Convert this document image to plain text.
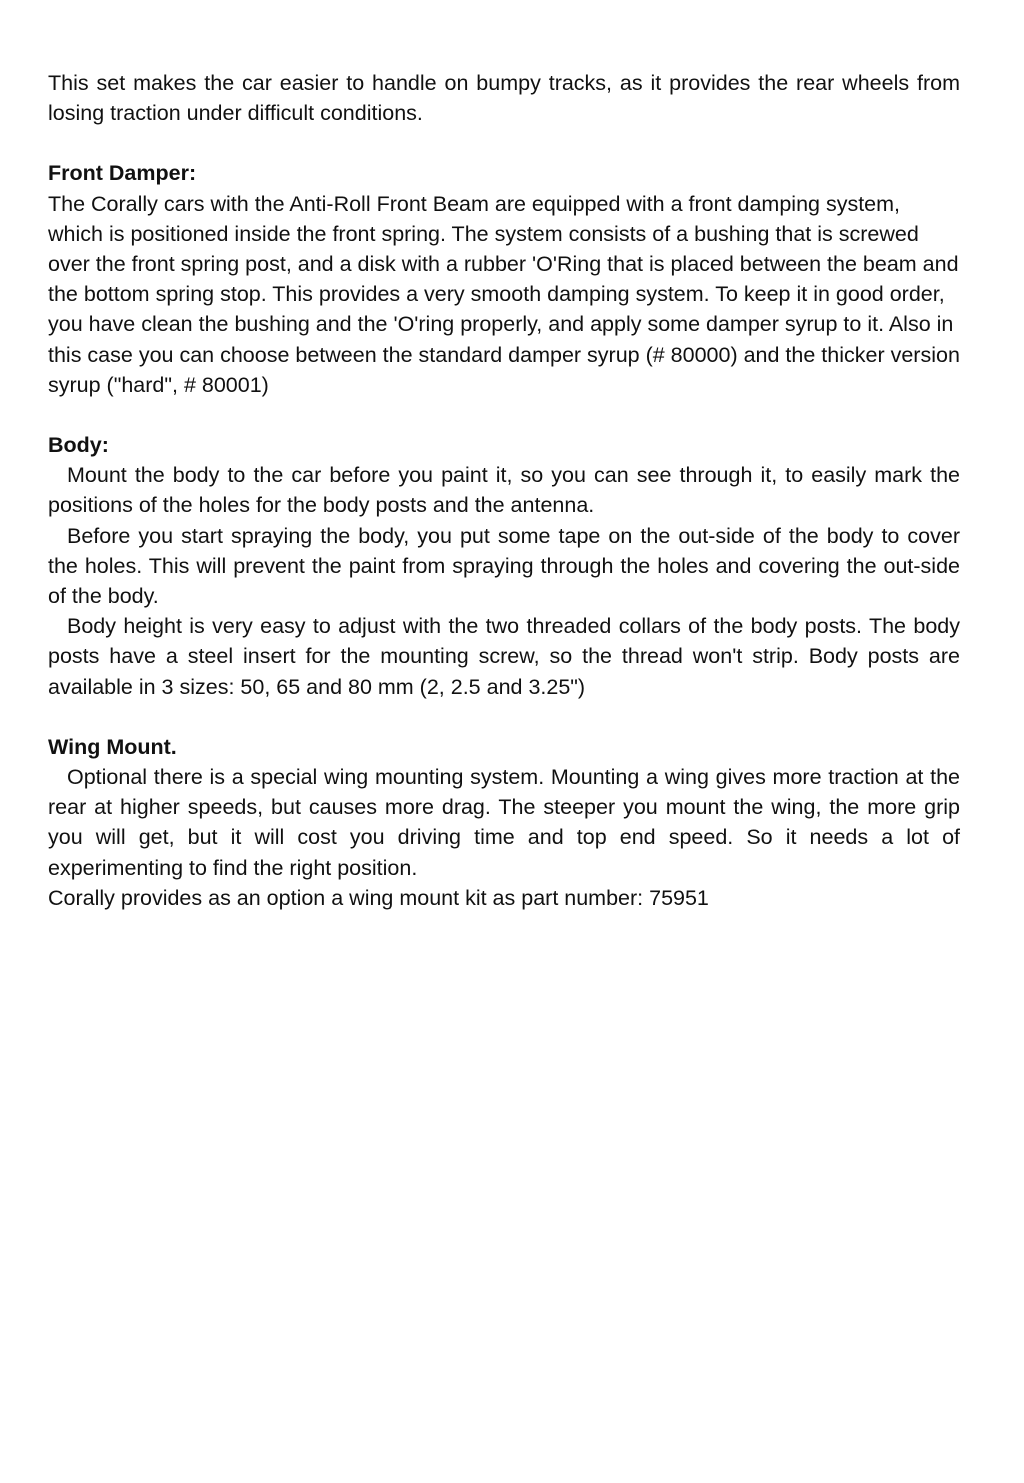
This set makes the car easier to handle on bumpy tracks, as it provides the rear wheels from losing traction under difficult conditions.

Front Damper:

The Corally cars with the Anti-Roll Front Beam are equipped with a front damping system, which is positioned inside the front spring. The system consists of a bushing that is screwed over the front spring post, and a disk with a rubber 'O'Ring that is placed between the beam and the bottom spring stop. This provides a very smooth damping system. To keep it in good order, you have clean the bushing and the 'O'ring properly, and apply some damper syrup to it. Also in this case you can choose between the standard damper syrup (# 80000) and the thicker version syrup ("hard", # 80001)

Body:

Mount the body to the car before you paint it, so you can see through it, to easily mark the positions of the holes for the body posts and the antenna.

Before you start spraying the body, you put some tape on the out-side of the body to cover the holes. This will prevent the paint from spraying through the holes and covering the out-side of the body.

Body height is very easy to adjust with the two threaded collars of the body posts. The body posts have a steel insert for the mounting screw, so the thread won't strip. Body posts are available in 3 sizes: 50, 65 and 80 mm (2, 2.5 and 3.25")

Wing Mount.

Optional there is a special wing mounting system. Mounting a wing gives more traction at the rear at higher speeds, but causes more drag. The steeper you mount the wing, the more grip you will get, but it will cost you driving time and top end speed. So it needs a lot of experimenting to find the right position.

Corally provides as an option a wing mount kit as part number: 75951
